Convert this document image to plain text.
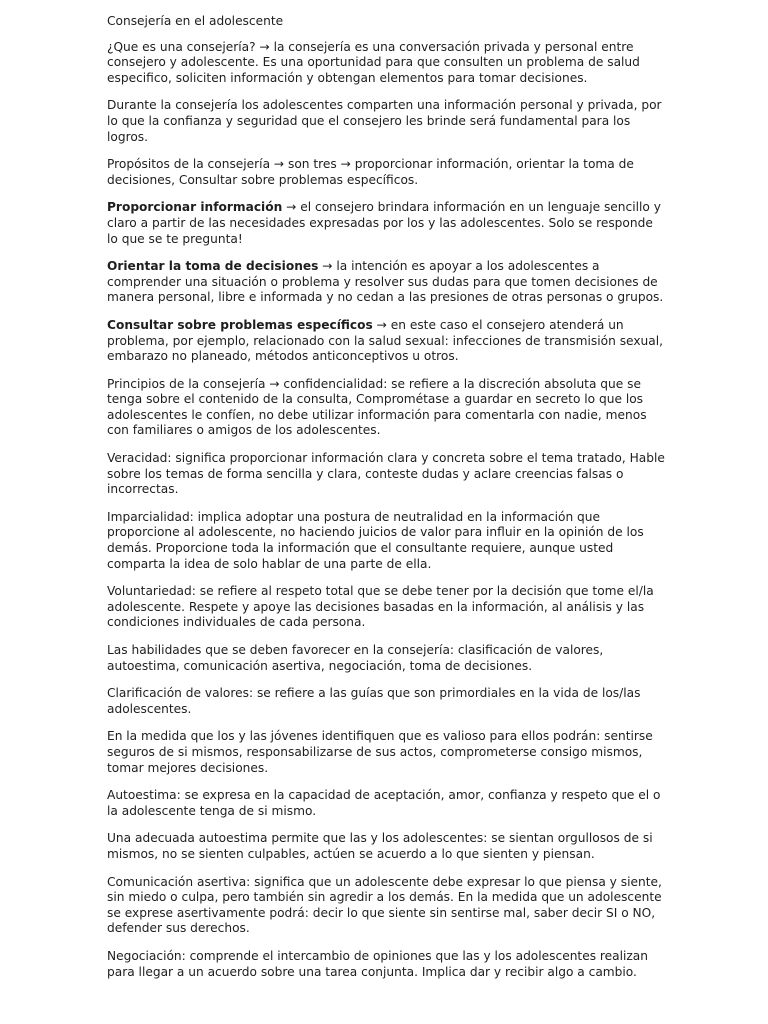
Consejería en el adolescente

¿Que es una consejería? → la consejería es una conversación privada y personal entre consejero y adolescente. Es una oportunidad para que consulten un problema de salud especifico, soliciten información y obtengan elementos para tomar decisiones.

Durante la consejería los adolescentes comparten una información personal y privada, por lo que la confianza y seguridad que el consejero les brinde será fundamental para los logros.

Propósitos de la consejería → son tres → proporcionar información, orientar la toma de decisiones, Consultar sobre problemas específicos.

Proporcionar información → el consejero brindara información en un lenguaje sencillo y claro a partir de las necesidades expresadas por los y las adolescentes. Solo se responde lo que se te pregunta!

Orientar la toma de decisiones → la intención es apoyar a los adolescentes a comprender una situación o problema y resolver sus dudas para que tomen decisiones de manera personal, libre e informada y no cedan a las presiones de otras personas o grupos.

Consultar sobre problemas específicos → en este caso el consejero atenderá un problema, por ejemplo, relacionado con la salud sexual: infecciones de transmisión sexual, embarazo no planeado, métodos anticonceptivos u otros.

Principios de la consejería → confidencialidad: se refiere a la discreción absoluta que se tenga sobre el contenido de la consulta, Comprométase a guardar en secreto lo que los adolescentes le confíen, no debe utilizar información para comentarla con nadie, menos con familiares o amigos de los adolescentes.

Veracidad: significa proporcionar información clara y concreta sobre el tema tratado, Hable sobre los temas de forma sencilla y clara, conteste dudas y aclare creencias falsas o incorrectas.

Imparcialidad: implica adoptar una postura de neutralidad en la información que proporcione al adolescente, no haciendo juicios de valor para influir en la opinión de los demás. Proporcione toda la información que el consultante requiere, aunque usted comparta la idea de solo hablar de una parte de ella.

Voluntariedad: se refiere al respeto total que se debe tener por la decisión que tome el/la adolescente. Respete y apoye las decisiones basadas en la información, al análisis y las condiciones individuales de cada persona.

Las habilidades que se deben favorecer en la consejería: clasificación de valores, autoestima, comunicación asertiva, negociación, toma de decisiones.

Clarificación de valores: se refiere a las guías que son primordiales en la vida de los/las adolescentes.

En la medida que los y las jóvenes identifiquen que es valioso para ellos podrán: sentirse seguros de si mismos, responsabilizarse de sus actos, comprometerse consigo mismos, tomar mejores decisiones.

Autoestima: se expresa en la capacidad de aceptación, amor, confianza y respeto que el o la adolescente tenga de si mismo.

Una adecuada autoestima permite que las y los adolescentes: se sientan orgullosos de si mismos, no se sienten culpables, actúen se acuerdo a lo que sienten y piensan.

Comunicación asertiva: significa que un adolescente debe expresar lo que piensa y siente, sin miedo o culpa, pero también sin agredir a los demás. En la medida que un adolescente se exprese asertivamente podrá: decir lo que siente sin sentirse mal, saber decir SI o NO, defender sus derechos.

Negociación: comprende el intercambio de opiniones que las y los adolescentes realizan para llegar a un acuerdo sobre una tarea conjunta. Implica dar y recibir algo a cambio.
